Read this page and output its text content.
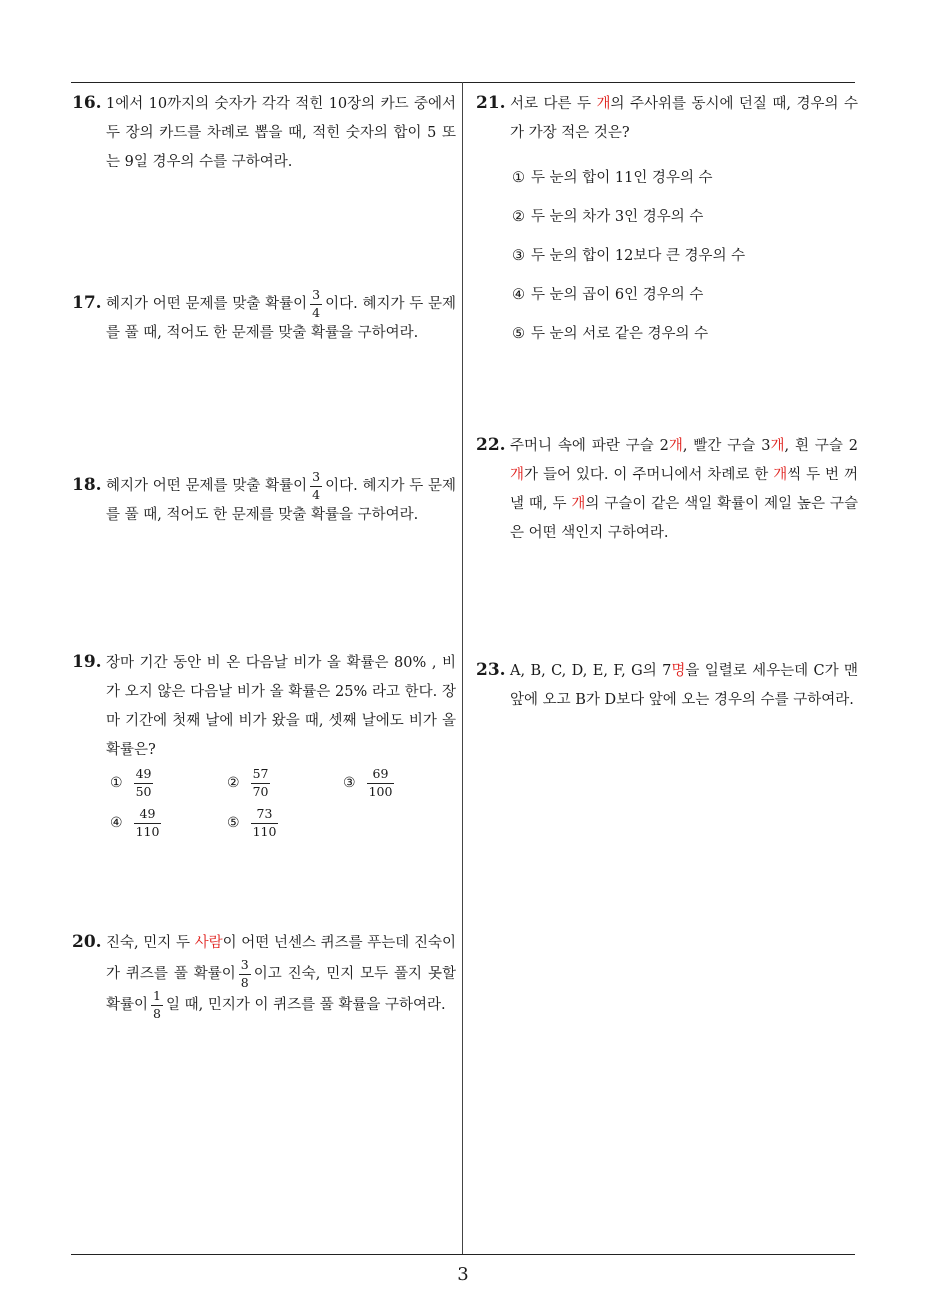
16. 1에서 10까지의 숫자가 각각 적힌 10장의 카드 중에서 두 장의 카드를 차례로 뽑을 때, 적힌 숫자의 합이 5 또는 9일 경우의 수를 구하여라.
17. 혜지가 어떤 문제를 맞출 확률이 $\frac{3}{4}$ 이다. 혜지가 두 문제를 풀 때, 적어도 한 문제를 맞출 확률을 구하여라.
18. 혜지가 어떤 문제를 맞출 확률이 $\frac{3}{4}$ 이다. 혜지가 두 문제를 풀 때, 적어도 한 문제를 맞출 확률을 구하여라.
19. 장마 기간 동안 비 온 다음날 비가 올 확률은 80% , 비가 오지 않은 다음날 비가 올 확률은 25% 라고 한다. 장마 기간에 첫째 날에 비가 왔을 때, 셋째 날에도 비가 올 확률은?
① $\frac{49}{50}$	② $\frac{57}{70}$	③ $\frac{69}{100}$
④ $\frac{49}{110}$	⑤ $\frac{73}{110}$
20. 진숙, 민지 두 사람이 어떤 넌센스 퀴즈를 푸는데 진숙이가 퀴즈를 풀 확률이 $\frac{3}{8}$ 이고 진숙, 민지 모두 풀지 못할 확률이 $\frac{1}{8}$ 일 때, 민지가 이 퀴즈를 풀 확률을 구하여라.
21. 서로 다른 두 개의 주사위를 동시에 던질 때, 경우의 수가 가장 적은 것은?
① 두 눈의 합이 11인 경우의 수
② 두 눈의 차가 3인 경우의 수
③ 두 눈의 합이 12보다 큰 경우의 수
④ 두 눈의 곱이 6인 경우의 수
⑤ 두 눈의 서로 같은 경우의 수
22. 주머니 속에 파란 구슬 2개, 빨간 구슬 3개, 흰 구슬 2개가 들어 있다. 이 주머니에서 차례로 한 개씩 두 번 꺼낼 때, 두 개의 구슬이 같은 색일 확률이 제일 높은 구슬은 어떤 색인지 구하여라.
23. A, B, C, D, E, F, G의 7명을 일렬로 세우는데 C가 맨 앞에 오고 B가 D보다 앞에 오는 경우의 수를 구하여라.
3
